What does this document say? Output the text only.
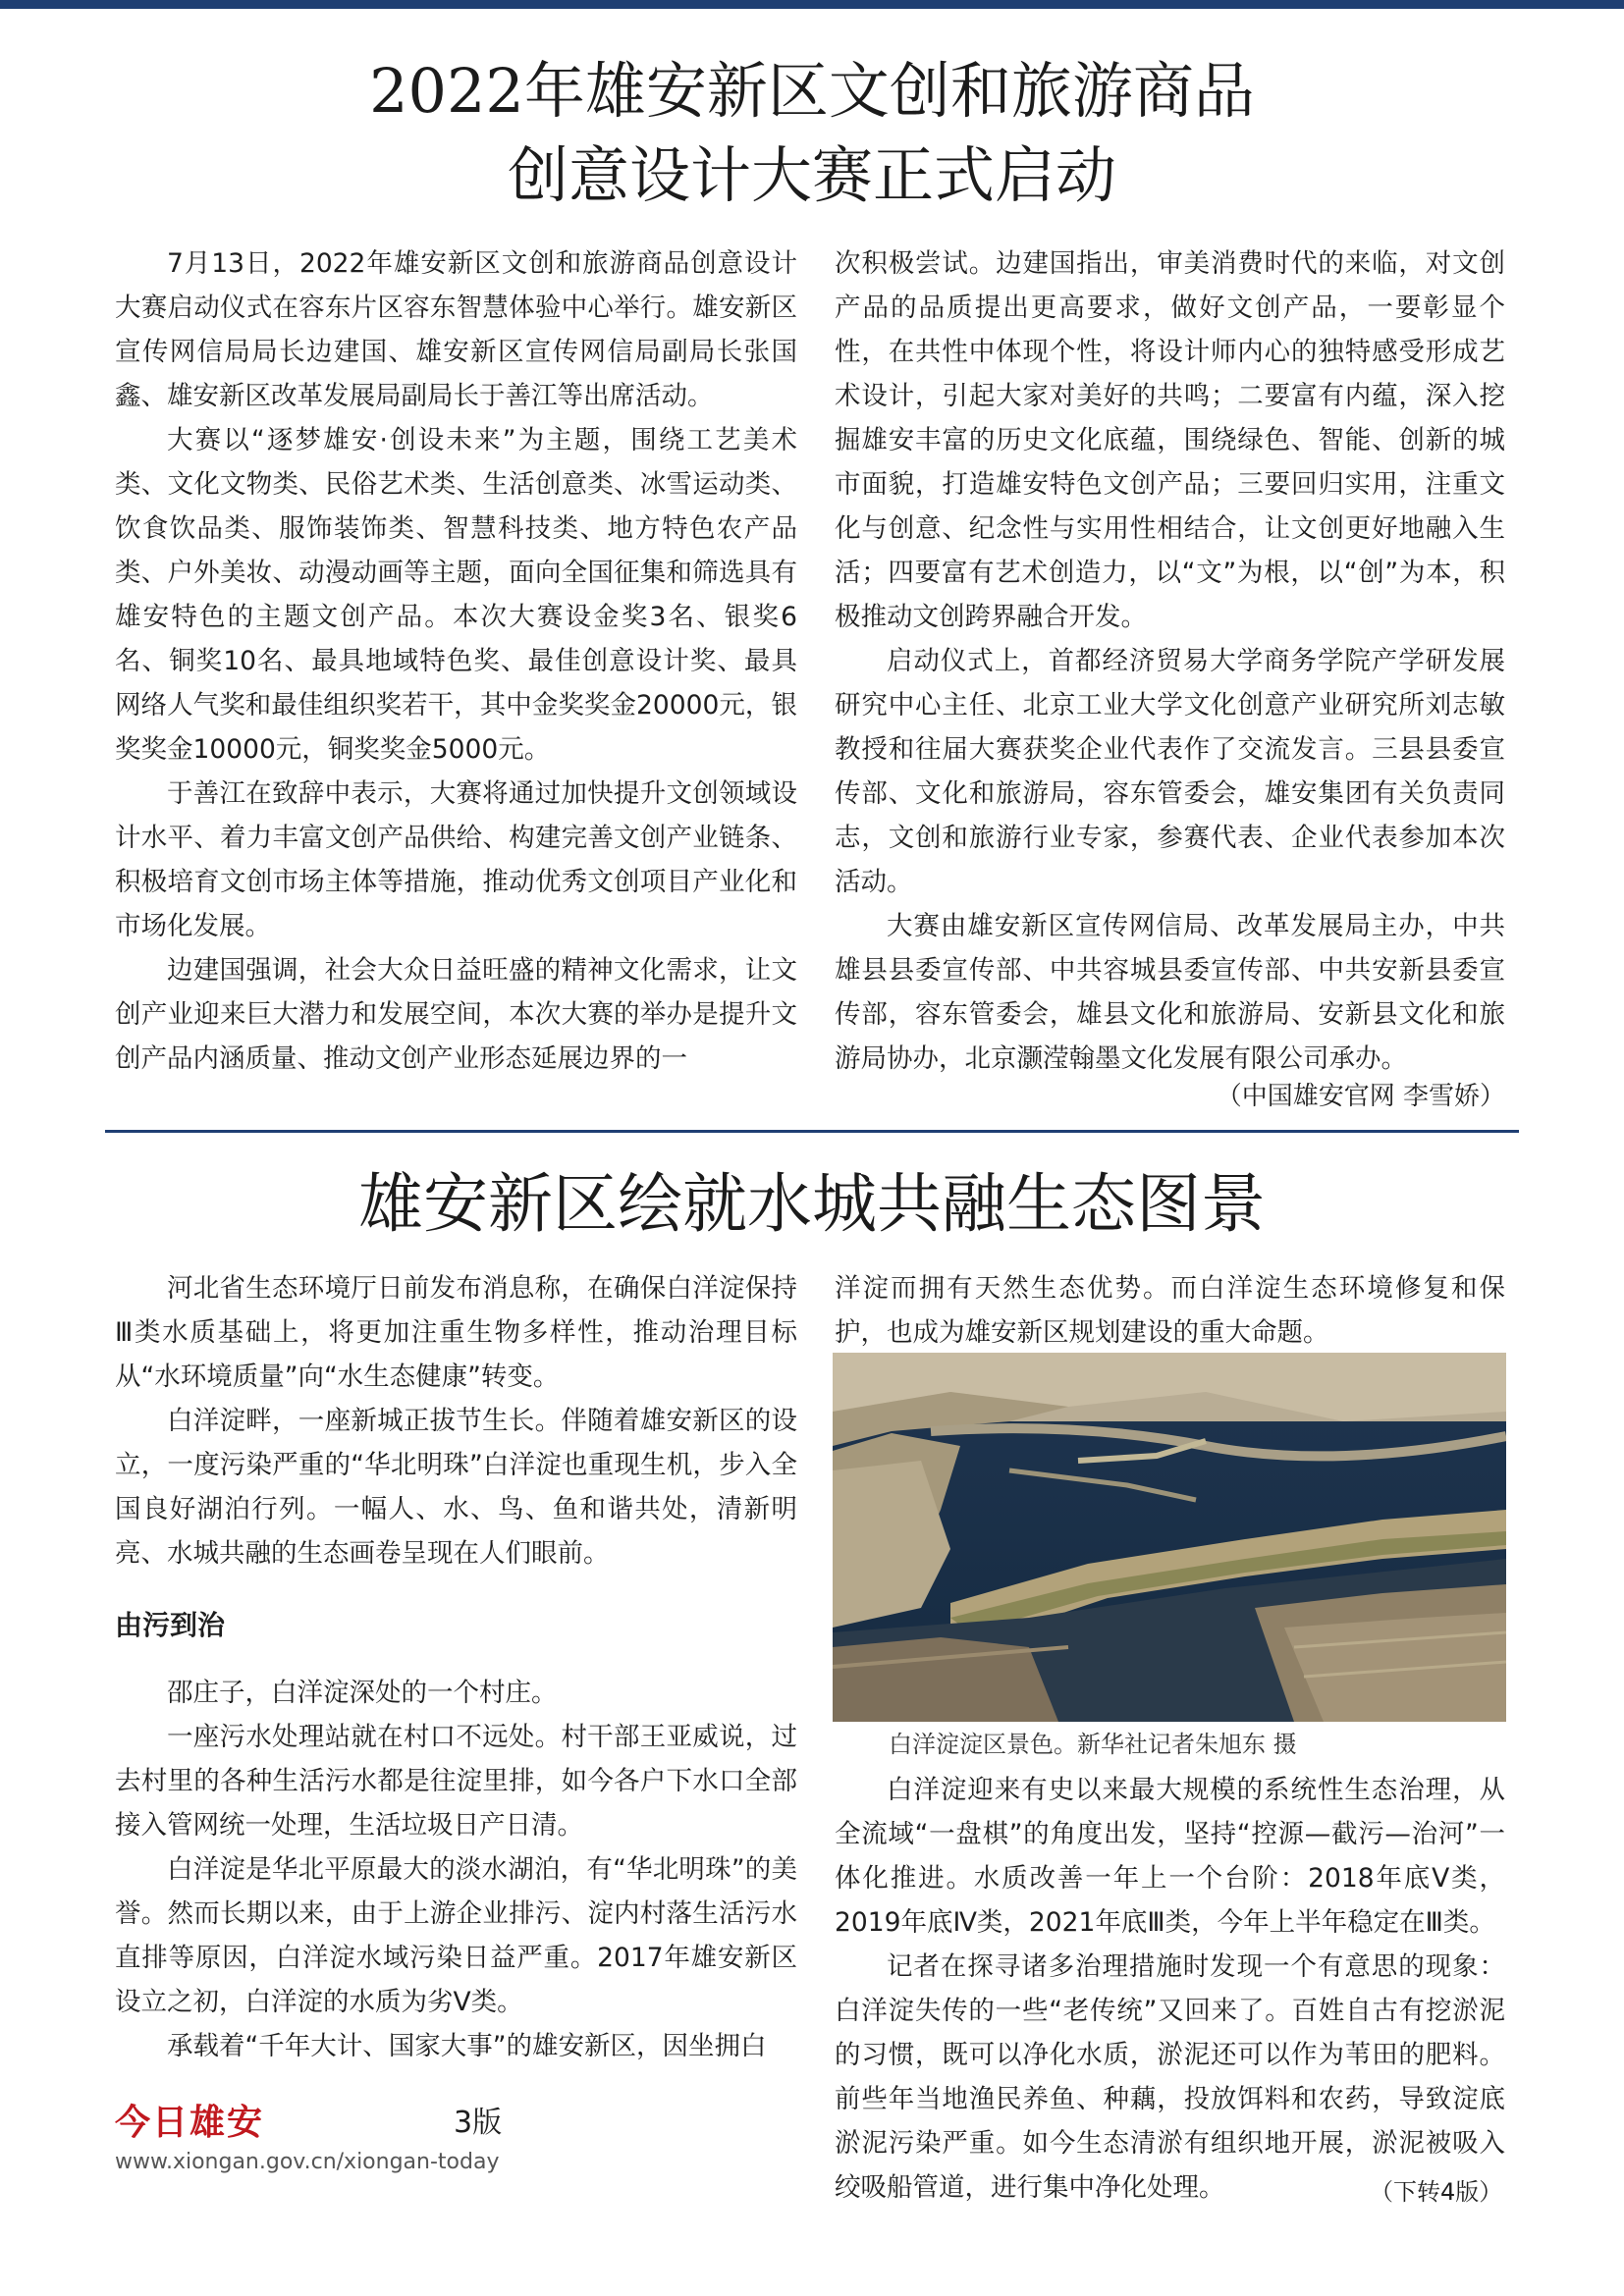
2022年雄安新区文创和旅游商品
创意设计大赛正式启动

7月13日，2022年雄安新区文创和旅游商品创意设计大赛启动仪式在容东片区容东智慧体验中心举行。雄安新区宣传网信局局长边建国、雄安新区宣传网信局副局长张国鑫、雄安新区改革发展局副局长于善江等出席活动。

大赛以“逐梦雄安·创设未来”为主题，围绕工艺美术类、文化文物类、民俗艺术类、生活创意类、冰雪运动类、饮食饮品类、服饰装饰类、智慧科技类、地方特色农产品类、户外美妆、动漫动画等主题，面向全国征集和筛选具有雄安特色的主题文创产品。本次大赛设金奖3名、银奖6名、铜奖10名、最具地域特色奖、最佳创意设计奖、最具网络人气奖和最佳组织奖若干，其中金奖奖金20000元，银奖奖金10000元，铜奖奖金5000元。

于善江在致辞中表示，大赛将通过加快提升文创领域设计水平、着力丰富文创产品供给、构建完善文创产业链条、积极培育文创市场主体等措施，推动优秀文创项目产业化和市场化发展。

边建国强调，社会大众日益旺盛的精神文化需求，让文创产业迎来巨大潜力和发展空间，本次大赛的举办是提升文创产品内涵质量、推动文创产业形态延展边界的一

次积极尝试。边建国指出，审美消费时代的来临，对文创产品的品质提出更高要求，做好文创产品，一要彰显个性，在共性中体现个性，将设计师内心的独特感受形成艺术设计，引起大家对美好的共鸣；二要富有内蕴，深入挖掘雄安丰富的历史文化底蕴，围绕绿色、智能、创新的城市面貌，打造雄安特色文创产品；三要回归实用，注重文化与创意、纪念性与实用性相结合，让文创更好地融入生活；四要富有艺术创造力，以“文”为根，以“创”为本，积极推动文创跨界融合开发。

启动仪式上，首都经济贸易大学商务学院产学研发展研究中心主任、北京工业大学文化创意产业研究所刘志敏教授和往届大赛获奖企业代表作了交流发言。三县县委宣传部、文化和旅游局，容东管委会，雄安集团有关负责同志，文创和旅游行业专家，参赛代表、企业代表参加本次活动。

大赛由雄安新区宣传网信局、改革发展局主办，中共雄县县委宣传部、中共容城县委宣传部、中共安新县委宣传部，容东管委会，雄县文化和旅游局、安新县文化和旅游局协办，北京灏滢翰墨文化发展有限公司承办。

（中国雄安官网 李雪娇）
雄安新区绘就水城共融生态图景

河北省生态环境厅日前发布消息称，在确保白洋淀保持Ⅲ类水质基础上，将更加注重生物多样性，推动治理目标从“水环境质量”向“水生态健康”转变。

白洋淀畔，一座新城正拔节生长。伴随着雄安新区的设立，一度污染严重的“华北明珠”白洋淀也重现生机，步入全国良好湖泊行列。一幅人、水、鸟、鱼和谐共处，清新明亮、水城共融的生态画卷呈现在人们眼前。

由污到治

邵庄子，白洋淀深处的一个村庄。

一座污水处理站就在村口不远处。村干部王亚威说，过去村里的各种生活污水都是往淀里排，如今各户下水口全部接入管网统一处理，生活垃圾日产日清。

白洋淀是华北平原最大的淡水湖泊，有“华北明珠”的美誉。然而长期以来，由于上游企业排污、淀内村落生活污水直排等原因，白洋淀水域污染日益严重。2017年雄安新区设立之初，白洋淀的水质为劣V类。

承载着“千年大计、国家大事”的雄安新区，因坐拥白

洋淀而拥有天然生态优势。而白洋淀生态环境修复和保护，也成为雄安新区规划建设的重大命题。

白洋淀淀区景色。新华社记者朱旭东 摄

白洋淀迎来有史以来最大规模的系统性生态治理，从全流域“一盘棋”的角度出发，坚持“控源—截污—治河”一体化推进。水质改善一年上一个台阶：2018年底V类，2019年底Ⅳ类，2021年底Ⅲ类，今年上半年稳定在Ⅲ类。

记者在探寻诸多治理措施时发现一个有意思的现象：白洋淀失传的一些“老传统”又回来了。百姓自古有挖淤泥的习惯，既可以净化水质，淤泥还可以作为苇田的肥料。前些年当地渔民养鱼、种藕，投放饵料和农药，导致淀底淤泥污染严重。如今生态清淤有组织地开展，淤泥被吸入绞吸船管道，进行集中净化处理。	（下转4版）
今日雄安	3版
www.xiongan.gov.cn/xiongan-today
